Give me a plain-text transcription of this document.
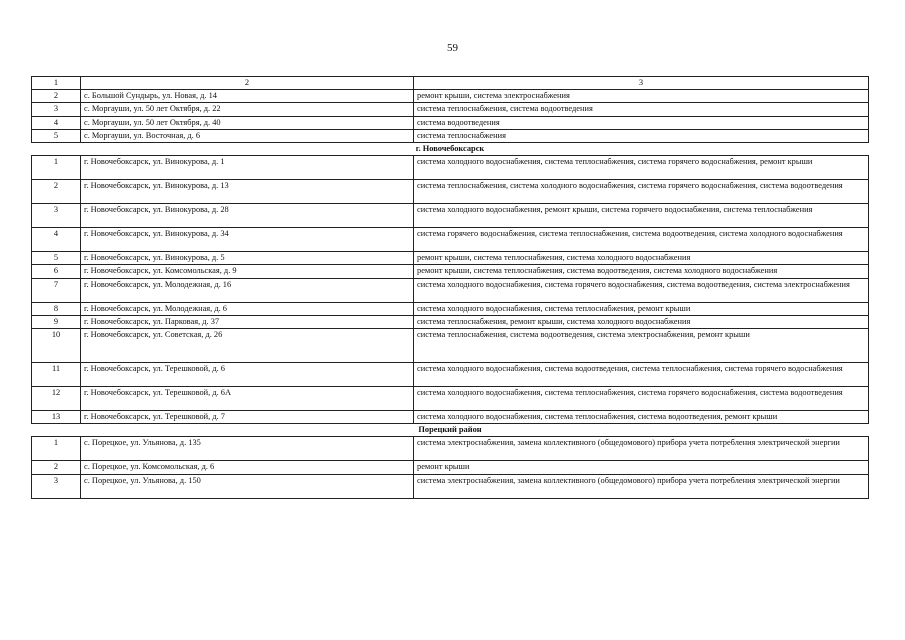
59
1	2	3
2	с. Большой Сундырь, ул. Новая, д. 14	ремонт крыши, система электроснабжения
3	с. Моргауши, ул. 50 лет Октября, д. 22	система теплоснабжения, система водоотведения
4	с. Моргауши, ул. 50 лет Октября, д. 40	система водоотведения
5	с. Моргауши, ул. Восточная, д. 6	система теплоснабжения
г. Новочебоксарск		
1	г. Новочебоксарск, ул. Винокурова, д. 1	система холодного водоснабжения, система теплоснабжения, система горячего водоснабжения, ремонт крыши
2	г. Новочебоксарск, ул. Винокурова, д. 13	система теплоснабжения, система холодного водоснабжения, система горячего водоснабжения, система водоотведения
3	г. Новочебоксарск, ул. Винокурова, д. 28	система холодного водоснабжения, ремонт крыши, система горячего водоснабжения, система теплоснабжения
4	г. Новочебоксарск, ул. Винокурова, д. 34	система горячего водоснабжения, система теплоснабжения, система водоотведения, система холодного водоснабжения
5	г. Новочебоксарск, ул. Винокурова, д. 5	ремонт крыши, система теплоснабжения, система холодного водоснабжения
6	г. Новочебоксарск, ул. Комсомольская, д. 9	ремонт крыши, система теплоснабжения, система водоотведения, система холодного водоснабжения
7	г. Новочебоксарск, ул. Молодежная, д. 16	система холодного водоснабжения, система горячего водоснабжения, система водоотведения, система электроснабжения
8	г. Новочебоксарск, ул. Молодежная, д. 6	система холодного водоснабжения, система теплоснабжения, ремонт крыши
9	г. Новочебоксарск, ул. Парковая, д. 37	система теплоснабжения, ремонт крыши, система холодного водоснабжения
10	г. Новочебоксарск, ул. Советская, д. 26	система теплоснабжения, система водоотведения, система электроснабжения, ремонт крыши
11	г. Новочебоксарск, ул. Терешковой, д. 6	система холодного водоснабжения, система водоотведения, система теплоснабжения, система горячего водоснабжения
12	г. Новочебоксарск, ул. Терешковой, д. 6А	система холодного водоснабжения, система теплоснабжения, система горячего водоснабжения, система водоотведения
13	г. Новочебоксарск, ул. Терешковой, д. 7	система холодного водоснабжения, система теплоснабжения, система водоотведения, ремонт крыши
Порецкий район		
1	с. Порецкое, ул. Ульянова, д. 135	система электроснабжения, замена коллективного (общедомового) прибора учета потребления электрической энергии
2	с. Порецкое, ул. Комсомольская, д. 6	ремонт крыши
3	с. Порецкое, ул. Ульянова, д. 150	система электроснабжения, замена коллективного (общедомового) прибора учета потребления электрической энергии
